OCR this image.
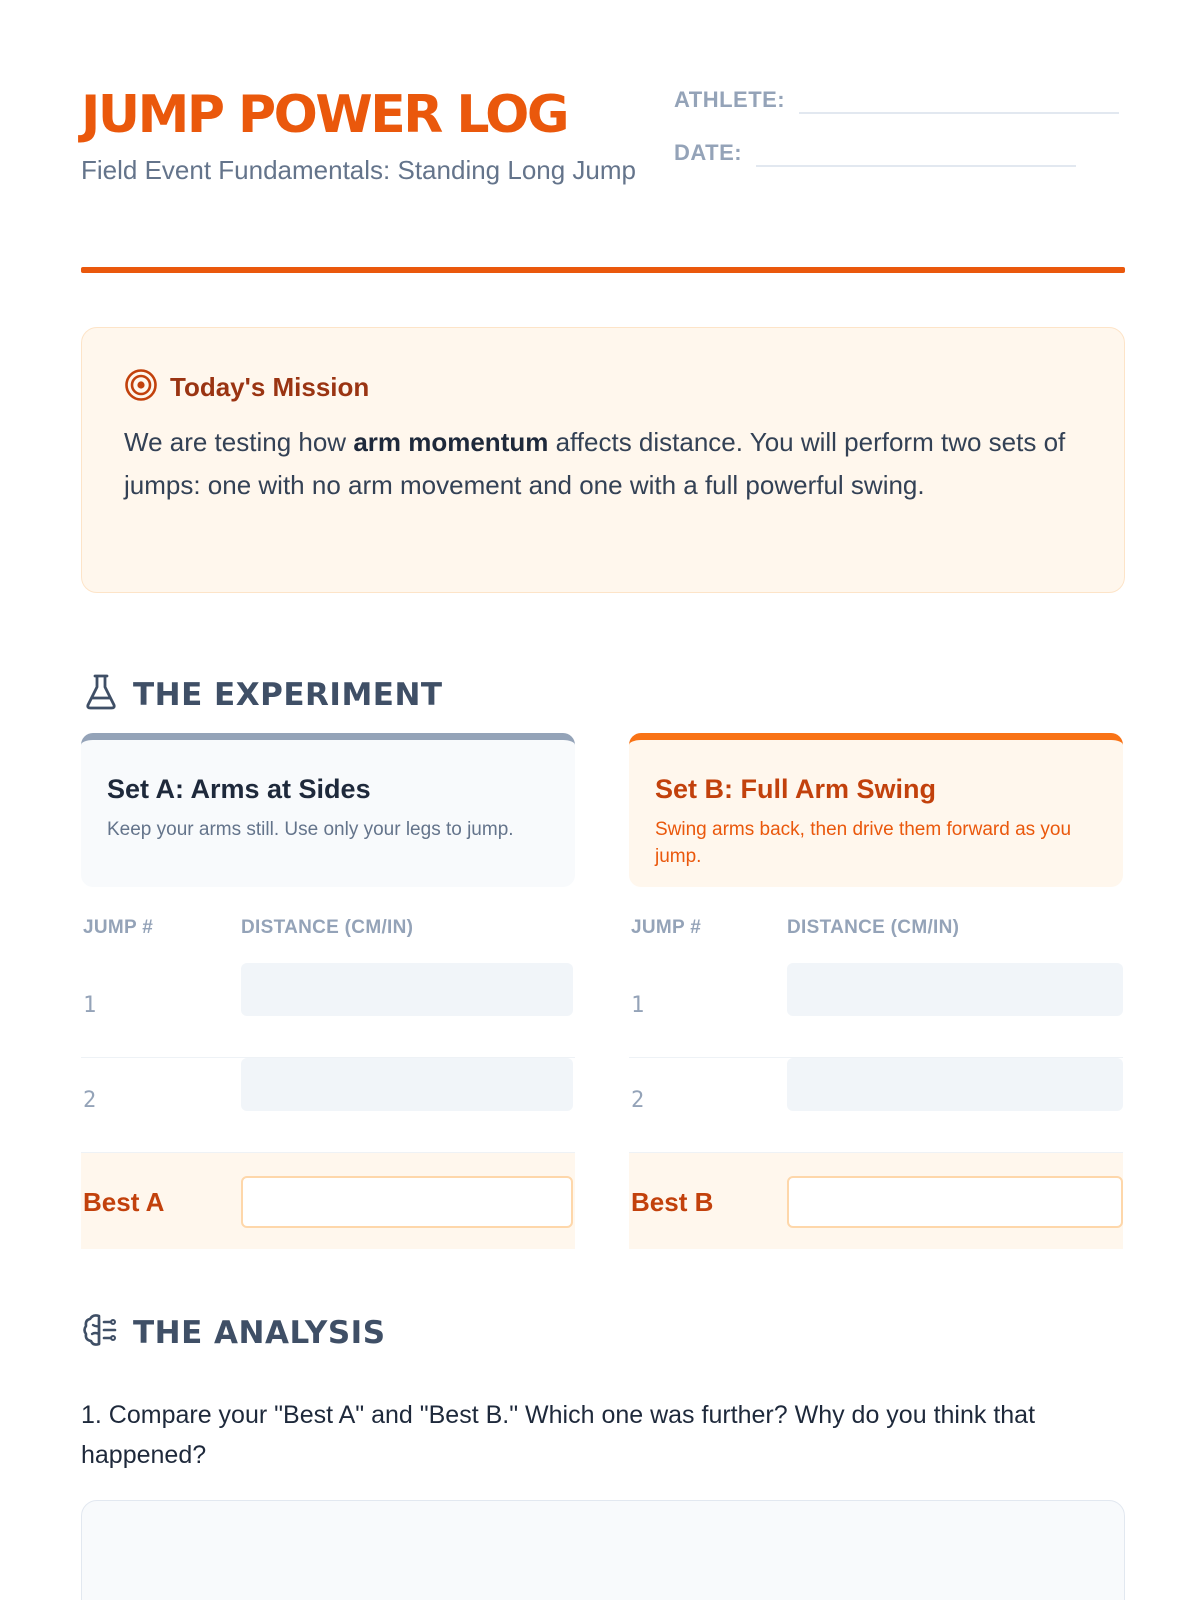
JUMP POWER LOG
Field Event Fundamentals: Standing Long Jump
ATHLETE:
DATE:
Today's Mission
We are testing how arm momentum affects distance. You will perform two sets of jumps: one with no arm movement and one with a full powerful swing.
THE EXPERIMENT
Set A: Arms at Sides
Keep your arms still. Use only your legs to jump.
JUMP #	DISTANCE (CM/IN)
1
2
Best A
Set B: Full Arm Swing
Swing arms back, then drive them forward as you jump.
JUMP #	DISTANCE (CM/IN)
1
2
Best B
THE ANALYSIS
1. Compare your "Best A" and "Best B." Which one was further? Why do you think that happened?
